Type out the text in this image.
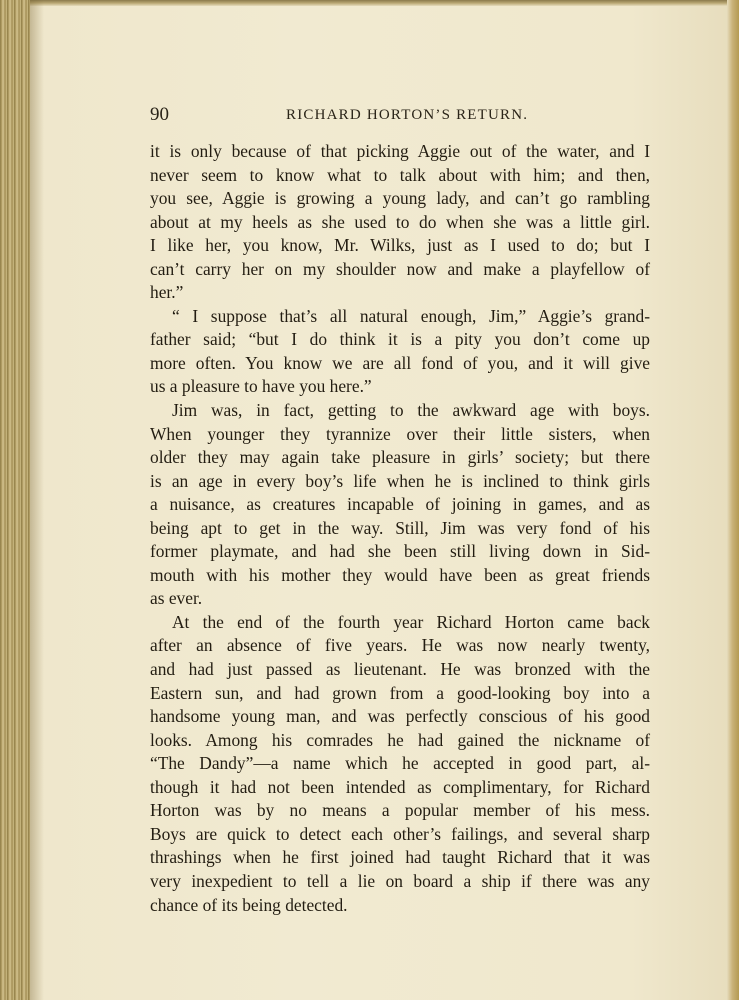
90	RICHARD HORTON’S RETURN.
it is only because of that picking Aggie out of the water, and I
never seem to know what to talk about with him; and then,
you see, Aggie is growing a young lady, and can’t go rambling
about at my heels as she used to do when she was a little girl.
I like her, you know, Mr. Wilks, just as I used to do; but I
can’t carry her on my shoulder now and make a playfellow of
her.”
“ I suppose that’s all natural enough, Jim,” Aggie’s grand-
father said; “but I do think it is a pity you don’t come up
more often. You know we are all fond of you, and it will give
us a pleasure to have you here.”
Jim was, in fact, getting to the awkward age with boys.
When younger they tyrannize over their little sisters, when
older they may again take pleasure in girls’ society; but there
is an age in every boy’s life when he is inclined to think girls
a nuisance, as creatures incapable of joining in games, and as
being apt to get in the way. Still, Jim was very fond of his
former playmate, and had she been still living down in Sid-
mouth with his mother they would have been as great friends
as ever.
At the end of the fourth year Richard Horton came back
after an absence of five years. He was now nearly twenty,
and had just passed as lieutenant. He was bronzed with the
Eastern sun, and had grown from a good-looking boy into a
handsome young man, and was perfectly conscious of his good
looks. Among his comrades he had gained the nickname of
“The Dandy”—a name which he accepted in good part, al-
though it had not been intended as complimentary, for Richard
Horton was by no means a popular member of his mess.
Boys are quick to detect each other’s failings, and several sharp
thrashings when he first joined had taught Richard that it was
very inexpedient to tell a lie on board a ship if there was any
chance of its being detected.
